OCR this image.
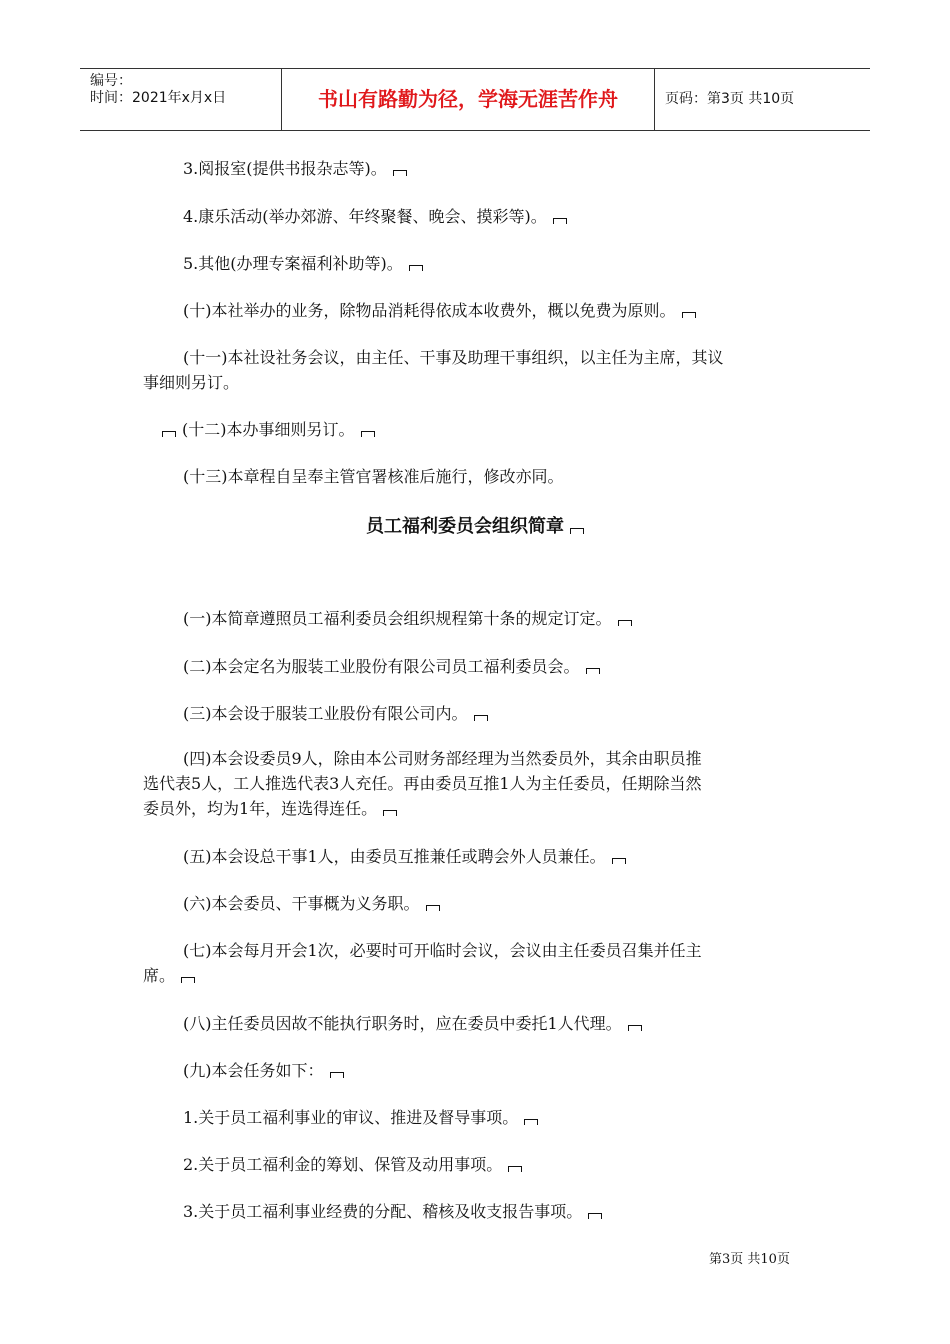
编号：
时间：2021年x月x日	书山有路勤为径，学海无涯苦作舟	页码：第3页 共10页
3.阅报室(提供书报杂志等)。
4.康乐活动(举办郊游、年终聚餐、晚会、摸彩等)。
5.其他(办理专案福利补助等)。
(十)本社举办的业务，除物品消耗得依成本收费外，概以免费为原则。
(十一)本社设社务会议，由主任、干事及助理干事组织，以主任为主席，其议
事细则另订。
(十二)本办事细则另订。
(十三)本章程自呈奉主管官署核准后施行，修改亦同。
员工福利委员会组织简章
(一)本简章遵照员工福利委员会组织规程第十条的规定订定。
(二)本会定名为服装工业股份有限公司员工福利委员会。
(三)本会设于服装工业股份有限公司内。
(四)本会设委员9人，除由本公司财务部经理为当然委员外，其余由职员推
选代表5人，工人推选代表3人充任。再由委员互推1人为主任委员，任期除当然
委员外，均为1年，连选得连任。
(五)本会设总干事1人，由委员互推兼任或聘会外人员兼任。
(六)本会委员、干事概为义务职。
(七)本会每月开会1次，必要时可开临时会议，会议由主任委员召集并任主
席。
(八)主任委员因故不能执行职务时，应在委员中委托1人代理。
(九)本会任务如下：
1.关于员工福利事业的审议、推进及督导事项。
2.关于员工福利金的筹划、保管及动用事项。
3.关于员工福利事业经费的分配、稽核及收支报告事项。
第3页 共10页
